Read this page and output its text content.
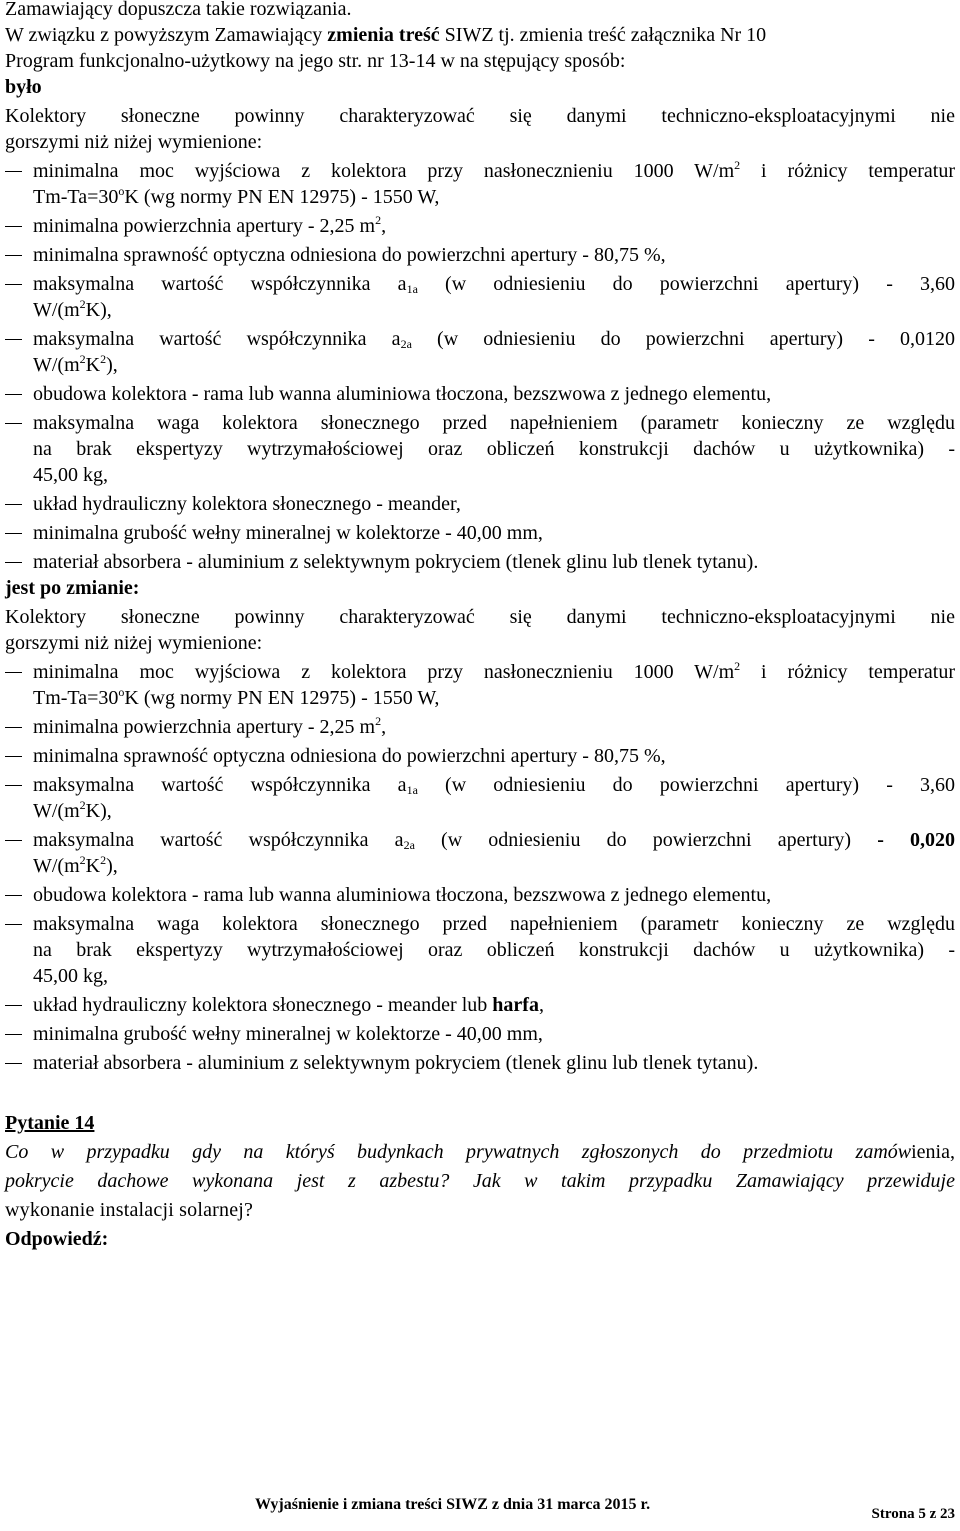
Zamawiający dopuszcza takie rozwiązania.
W związku z powyższym Zamawiający zmienia treść SIWZ tj. zmienia treść załącznika Nr 10
Program funkcjonalno-użytkowy na jego str. nr 13-14 w na stępujący sposób:
było
Kolektory słoneczne powinny charakteryzować się danymi techniczno-eksploatacyjnymi nie
gorszymi niż niżej wymienione:
minimalna moc wyjściowa z kolektora przy nasłonecznieniu 1000 $W/m^2$ i różnicy temperatur
$Tm-Ta=30^oK$ (wg normy PN EN 12975) - 1550 W,
minimalna powierzchnia apertury - 2,25 $m^2$,
minimalna sprawność optyczna odniesiona do powierzchni apertury - 80,75 %,
maksymalna wartość współczynnika $a_{1a}$ (w odniesieniu do powierzchni apertury) - 3,60
$W/(m^2K)$,
maksymalna wartość współczynnika $a_{2a}$ (w odniesieniu do powierzchni apertury) - 0,0120
$W/(m^2K^2)$,
obudowa kolektora - rama lub wanna aluminiowa tłoczona, bezszwowa z jednego elementu,
maksymalna waga kolektora słonecznego przed napełnieniem (parametr konieczny ze względu
na brak ekspertyzy wytrzymałościowej oraz obliczeń konstrukcji dachów u użytkownika) -
45,00 kg,
układ hydrauliczny kolektora słonecznego - meander,
minimalna grubość wełny mineralnej w kolektorze - 40,00 mm,
materiał absorbera - aluminium z selektywnym pokryciem (tlenek glinu lub tlenek tytanu).
jest po zmianie:
Kolektory słoneczne powinny charakteryzować się danymi techniczno-eksploatacyjnymi nie
gorszymi niż niżej wymienione:
minimalna moc wyjściowa z kolektora przy nasłonecznieniu 1000 $W/m^2$ i różnicy temperatur
$Tm-Ta=30^oK$ (wg normy PN EN 12975) - 1550 W,
minimalna powierzchnia apertury - 2,25 $m^2$,
minimalna sprawność optyczna odniesiona do powierzchni apertury - 80,75 %,
maksymalna wartość współczynnika $a_{1a}$ (w odniesieniu do powierzchni apertury) - 3,60
$W/(m^2K)$,
maksymalna wartość współczynnika $a_{2a}$ (w odniesieniu do powierzchni apertury) - 0,020
$W/(m^2K^2)$,
obudowa kolektora - rama lub wanna aluminiowa tłoczona, bezszwowa z jednego elementu,
maksymalna waga kolektora słonecznego przed napełnieniem (parametr konieczny ze względu
na brak ekspertyzy wytrzymałościowej oraz obliczeń konstrukcji dachów u użytkownika) -
45,00 kg,
układ hydrauliczny kolektora słonecznego - meander lub harfa,
minimalna grubość wełny mineralnej w kolektorze - 40,00 mm,
materiał absorbera - aluminium z selektywnym pokryciem (tlenek glinu lub tlenek tytanu).
Pytanie 14
Co w przypadku gdy na któryś budynkach prywatnych zgłoszonych do przedmiotu zamówienia,
pokrycie dachowe wykonana jest z azbestu? Jak w takim przypadku Zamawiający przewiduje
wykonanie instalacji solarnej?
Odpowiedź:
Wyjaśnienie i zmiana treści SIWZ z dnia 31 marca 2015 r.
Strona 5 z 23
